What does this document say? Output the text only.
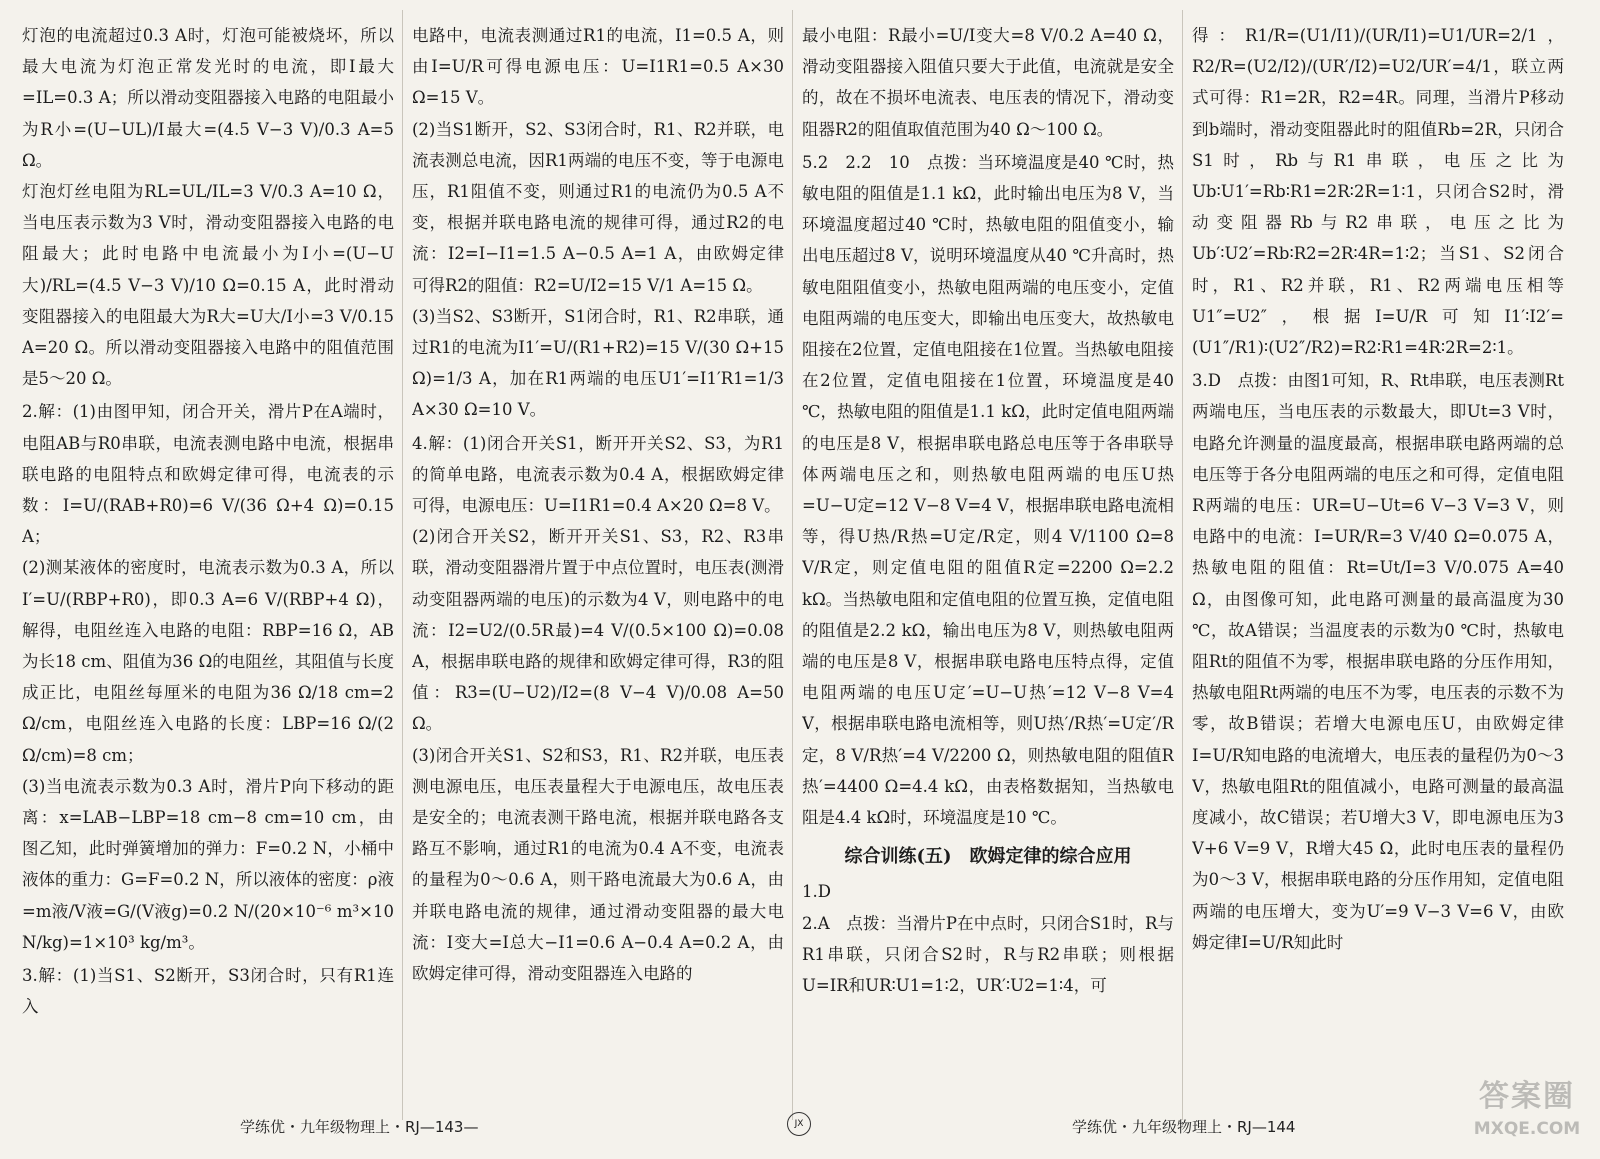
灯泡的电流超过0.3 A时，灯泡可能被烧坏，所以最大电流为灯泡正常发光时的电流，即I最大=IL=0.3 A；所以滑动变阻器接入电路的电阻最小为R小=(U−UL)/I最大=(4.5 V−3 V)/0.3 A=5 Ω。

灯泡灯丝电阻为RL=UL/IL=3 V/0.3 A=10 Ω，当电压表示数为3 V时，滑动变阻器接入电路的电阻最大；此时电路中电流最小为I小=(U−U大)/RL=(4.5 V−3 V)/10 Ω=0.15 A，此时滑动变阻器接入的电阻最大为R大=U大/I小=3 V/0.15 A=20 Ω。所以滑动变阻器接入电路中的阻值范围是5～20 Ω。

2.解：(1)由图甲知，闭合开关，滑片P在A端时，电阻AB与R0串联，电流表测电路中电流，根据串联电路的电阻特点和欧姆定律可得，电流表的示数：I=U/(RAB+R0)=6 V/(36 Ω+4 Ω)=0.15 A；

(2)测某液体的密度时，电流表示数为0.3 A，所以I′=U/(RBP+R0)，即0.3 A=6 V/(RBP+4 Ω)，解得，电阻丝连入电路的电阻：RBP=16 Ω，AB为长18 cm、阻值为36 Ω的电阻丝，其阻值与长度成正比，电阻丝每厘米的电阻为36 Ω/18 cm=2 Ω/cm，电阻丝连入电路的长度：LBP=16 Ω/(2 Ω/cm)=8 cm；

(3)当电流表示数为0.3 A时，滑片P向下移动的距离：x=LAB−LBP=18 cm−8 cm=10 cm，由图乙知，此时弹簧增加的弹力：F=0.2 N，小桶中液体的重力：G=F=0.2 N，所以液体的密度：ρ液=m液/V液=G/(V液g)=0.2 N/(20×10⁻⁶ m³×10 N/kg)=1×10³ kg/m³。

3.解：(1)当S1、S2断开，S3闭合时，只有R1连入

电路中，电流表测通过R1的电流，I1=0.5 A，则由I=U/R可得电源电压：U=I1R1=0.5 A×30 Ω=15 V。

(2)当S1断开，S2、S3闭合时，R1、R2并联，电流表测总电流，因R1两端的电压不变，等于电源电压，R1阻值不变，则通过R1的电流仍为0.5 A不变，根据并联电路电流的规律可得，通过R2的电流：I2=I−I1=1.5 A−0.5 A=1 A，由欧姆定律可得R2的阻值：R2=U/I2=15 V/1 A=15 Ω。

(3)当S2、S3断开，S1闭合时，R1、R2串联，通过R1的电流为I1′=U/(R1+R2)=15 V/(30 Ω+15 Ω)=1/3 A，加在R1两端的电压U1′=I1′R1=1/3 A×30 Ω=10 V。

4.解：(1)闭合开关S1，断开开关S2、S3，为R1的简单电路，电流表示数为0.4 A，根据欧姆定律可得，电源电压：U=I1R1=0.4 A×20 Ω=8 V。

(2)闭合开关S2，断开开关S1、S3，R2、R3串联，滑动变阻器滑片置于中点位置时，电压表(测滑动变阻器两端的电压)的示数为4 V，则电路中的电流：I2=U2/(0.5R最)=4 V/(0.5×100 Ω)=0.08 A，根据串联电路的规律和欧姆定律可得，R3的阻值：R3=(U−U2)/I2=(8 V−4 V)/0.08 A=50 Ω。

(3)闭合开关S1、S2和S3，R1、R2并联，电压表测电源电压，电压表量程大于电源电压，故电压表是安全的；电流表测干路电流，根据并联电路各支路互不影响，通过R1的电流为0.4 A不变，电流表的量程为0～0.6 A，则干路电流最大为0.6 A，由并联电路电流的规律，通过滑动变阻器的最大电流：I变大=I总大−I1=0.6 A−0.4 A=0.2 A，由欧姆定律可得，滑动变阻器连入电路的

最小电阻：R最小=U/I变大=8 V/0.2 A=40 Ω，滑动变阻器接入阻值只要大于此值，电流就是安全的，故在不损坏电流表、电压表的情况下，滑动变阻器R2的阻值取值范围为40 Ω～100 Ω。

5.2　2.2　10　点拨：当环境温度是40 ℃时，热敏电阻的阻值是1.1 kΩ，此时输出电压为8 V，当环境温度超过40 ℃时，热敏电阻的阻值变小，输出电压超过8 V，说明环境温度从40 ℃升高时，热敏电阻阻值变小，热敏电阻两端的电压变小，定值电阻两端的电压变大，即输出电压变大，故热敏电阻接在2位置，定值电阻接在1位置。当热敏电阻接在2位置，定值电阻接在1位置，环境温度是40 ℃，热敏电阻的阻值是1.1 kΩ，此时定值电阻两端的电压是8 V，根据串联电路总电压等于各串联导体两端电压之和，则热敏电阻两端的电压U热=U−U定=12 V−8 V=4 V，根据串联电路电流相等，得U热/R热=U定/R定，则4 V/1100 Ω=8 V/R定，则定值电阻的阻值R定=2200 Ω=2.2 kΩ。当热敏电阻和定值电阻的位置互换，定值电阻的阻值是2.2 kΩ，输出电压为8 V，则热敏电阻两端的电压是8 V，根据串联电路电压特点得，定值电阻两端的电压U定′=U−U热′=12 V−8 V=4 V，根据串联电路电流相等，则U热′/R热′=U定′/R定，8 V/R热′=4 V/2200 Ω，则热敏电阻的阻值R热′=4400 Ω=4.4 kΩ，由表格数据知，当热敏电阻是4.4 kΩ时，环境温度是10 ℃。

综合训练(五)　欧姆定律的综合应用

1.D

2.A　点拨：当滑片P在中点时，只闭合S1时，R与R1串联，只闭合S2时，R与R2串联；则根据U=IR和UR∶U1=1∶2，UR′∶U2=1∶4，可

得：R1/R=(U1/I1)/(UR/I1)=U1/UR=2/1，R2/R=(U2/I2)/(UR′/I2)=U2/UR′=4/1，联立两式可得：R1=2R，R2=4R。同理，当滑片P移动到b端时，滑动变阻器此时的阻值Rb=2R，只闭合S1时，Rb与R1串联，电压之比为Ub∶U1′=Rb∶R1=2R∶2R=1∶1，只闭合S2时，滑动变阻器Rb与R2串联，电压之比为Ub′∶U2′=Rb∶R2=2R∶4R=1∶2；当S1、S2闭合时，R1、R2并联，R1、R2两端电压相等U1″=U2″，根据I=U/R可知I1′∶I2′=(U1″/R1)∶(U2″/R2)=R2∶R1=4R∶2R=2∶1。

3.D　点拨：由图1可知，R、Rt串联，电压表测Rt两端电压，当电压表的示数最大，即Ut=3 V时，电路允许测量的温度最高，根据串联电路两端的总电压等于各分电阻两端的电压之和可得，定值电阻R两端的电压：UR=U−Ut=6 V−3 V=3 V，则电路中的电流：I=UR/R=3 V/40 Ω=0.075 A，热敏电阻的阻值：Rt=Ut/I=3 V/0.075 A=40 Ω，由图像可知，此电路可测量的最高温度为30 ℃，故A错误；当温度表的示数为0 ℃时，热敏电阻Rt的阻值不为零，根据串联电路的分压作用知，热敏电阻Rt两端的电压不为零，电压表的示数不为零，故B错误；若增大电源电压U，由欧姆定律I=U/R知电路的电流增大，电压表的量程仍为0～3 V，热敏电阻Rt的阻值减小，电路可测量的最高温度减小，故C错误；若U增大3 V，即电源电压为3 V+6 V=9 V，R增大45 Ω，此时电压表的量程仍为0～3 V，根据串联电路的分压作用知，定值电阻两端的电压增大，变为U′=9 V−3 V=6 V，由欧姆定律I=U/R知此时

学练优・九年级物理上・RJ—143—	JX	学练优・九年级物理上・RJ—144
答案圈
MXQE.COM
